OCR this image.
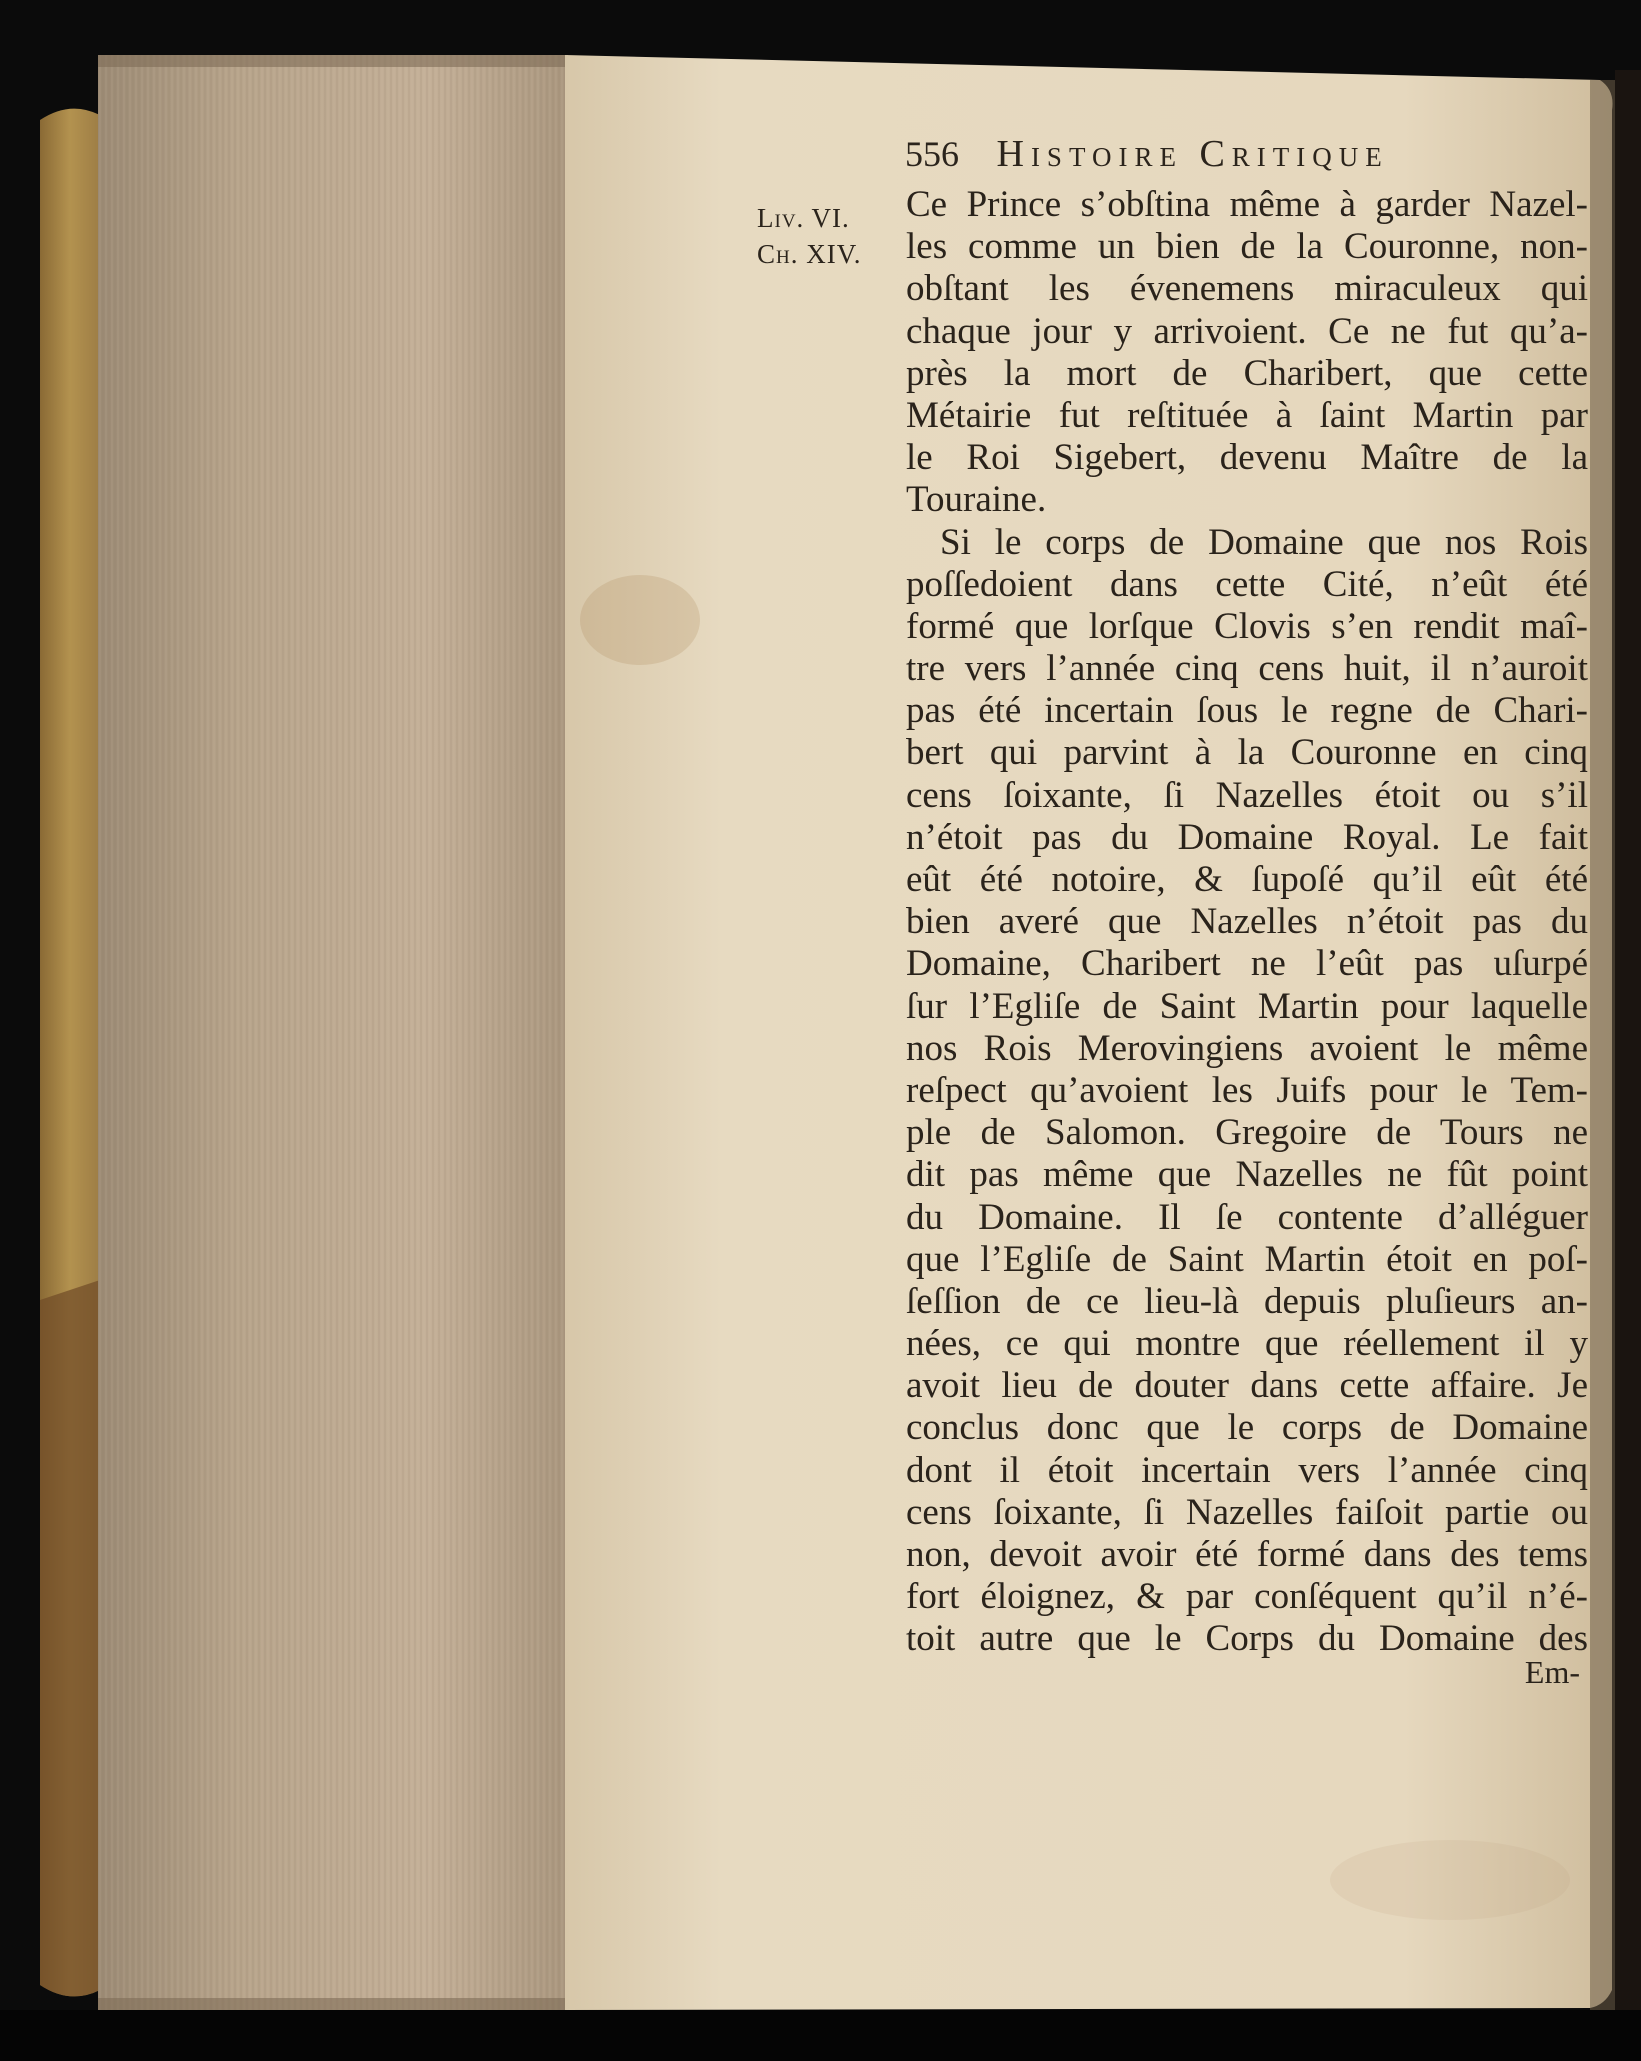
556 Histoire Critique
Liv. VI.
Ch. XIV.
Ce Prince s’obſtina même à garder Nazel-
les comme un bien de la Couronne, non-
obſtant les évenemens miraculeux qui
chaque jour y arrivoient. Ce ne fut qu’a-
près la mort de Charibert, que cette
Métairie fut reſtituée à ſaint Martin par
le Roi Sigebert, devenu Maître de la
Touraine.
Si le corps de Domaine que nos Rois
poſſedoient dans cette Cité, n’eût été
formé que lorſque Clovis s’en rendit maî-
tre vers l’année cinq cens huit, il n’auroit
pas été incertain ſous le regne de Chari-
bert qui parvint à la Couronne en cinq
cens ſoixante, ſi Nazelles étoit ou s’il
n’étoit pas du Domaine Royal. Le fait
eût été notoire, & ſupoſé qu’il eût été
bien averé que Nazelles n’étoit pas du
Domaine, Charibert ne l’eût pas uſurpé
ſur l’Egliſe de Saint Martin pour laquelle
nos Rois Merovingiens avoient le même
reſpect qu’avoient les Juifs pour le Tem-
ple de Salomon. Gregoire de Tours ne
dit pas même que Nazelles ne fût point
du Domaine. Il ſe contente d’alléguer
que l’Egliſe de Saint Martin étoit en poſ-
ſeſſion de ce lieu-là depuis pluſieurs an-
nées, ce qui montre que réellement il y
avoit lieu de douter dans cette affaire. Je
conclus donc que le corps de Domaine
dont il étoit incertain vers l’année cinq
cens ſoixante, ſi Nazelles faiſoit partie ou
non, devoit avoir été formé dans des tems
fort éloignez, & par conſéquent qu’il n’é-
toit autre que le Corps du Domaine des
Em-
